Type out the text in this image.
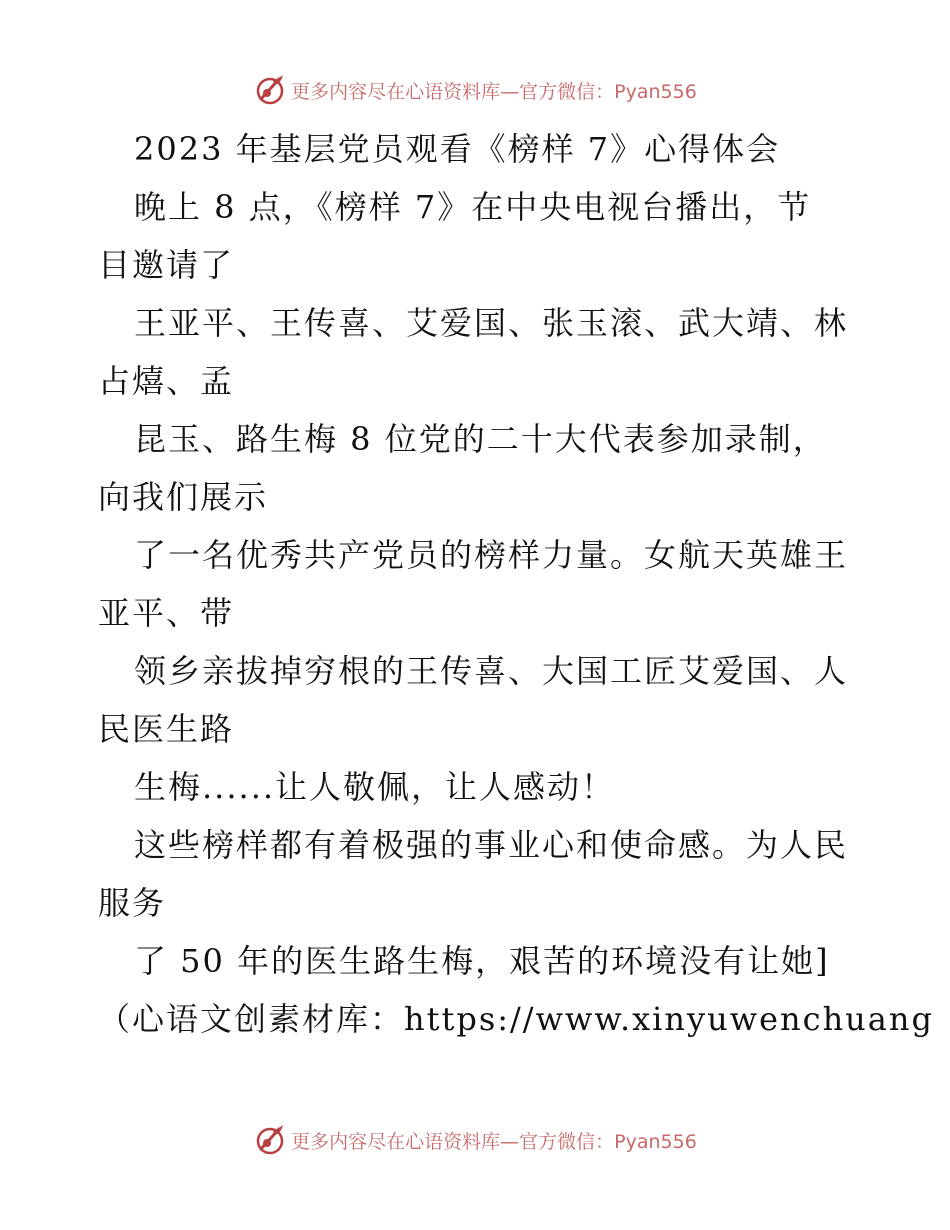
更多内容尽在心语资料库—官方微信：Pyan556
2023 年基层党员观看《榜样 7》心得体会
晚上 8 点，《榜样 7》在中央电视台播出，节
目邀请了
王亚平、王传喜、艾爱国、张玉滚、武大靖、林
占熺、孟
昆玉、路生梅 8 位党的二十大代表参加录制，
向我们展示
了一名优秀共产党员的榜样力量。女航天英雄王
亚平、带
领乡亲拔掉穷根的王传喜、大国工匠艾爱国、人
民医生路
生梅......让人敬佩，让人感动！
这些榜样都有着极强的事业心和使命感。为人民
服务
了 50 年的医生路生梅，艰苦的环境没有让她]
（心语文创素材库：https://www.xinyuwenchuang
更多内容尽在心语资料库—官方微信：Pyan556
